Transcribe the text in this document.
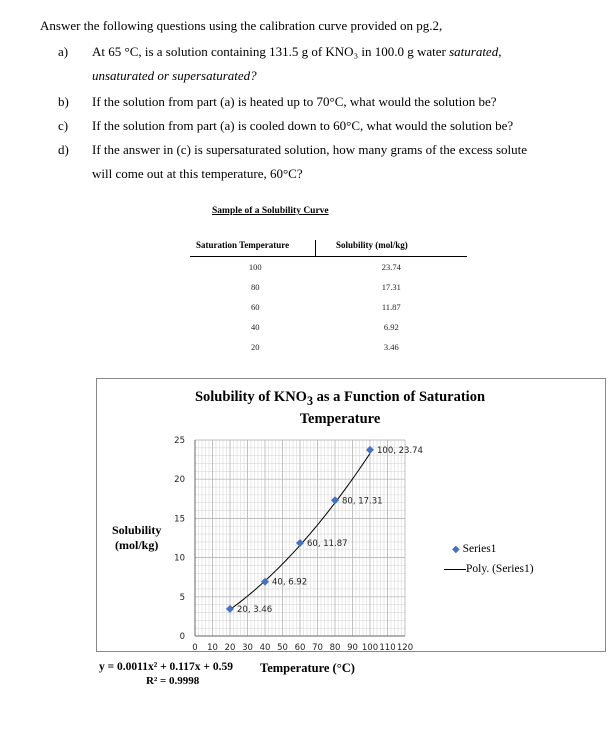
Answer the following questions using the calibration curve provided on pg.2,
a) At 65 °C, is a solution containing 131.5 g of KNO₃ in 100.0 g water saturated,
unsaturated or supersaturated?
b) If the solution from part (a) is heated up to 70°C, what would the solution be?
c) If the solution from part (a) is cooled down to 60°C, what would the solution be?
d) If the answer in (c) is supersaturated solution, how many grams of the excess solute
will come out at this temperature, 60°C?
Sample of a Solubility Curve
Saturation Temperature	Solubility (mol/kg)
100	23.74
80	17.31
60	11.87
40	6.92
20	3.46
Solubility of $KNO_3$ as a Function of Saturation
Temperature
Solubility
(mol/kg)
Temperature (°C)
y = 0.0011x² + 0.117x + 0.59
R² = 0.9998
◆ Series1
Poly. (Series1)
0 10 20 30 40 50 60 70 80 90 100 110 120
0
5
10
15
20
25
20, 3.46
40, 6.92
60, 11.87
80, 17.31
100, 23.74
